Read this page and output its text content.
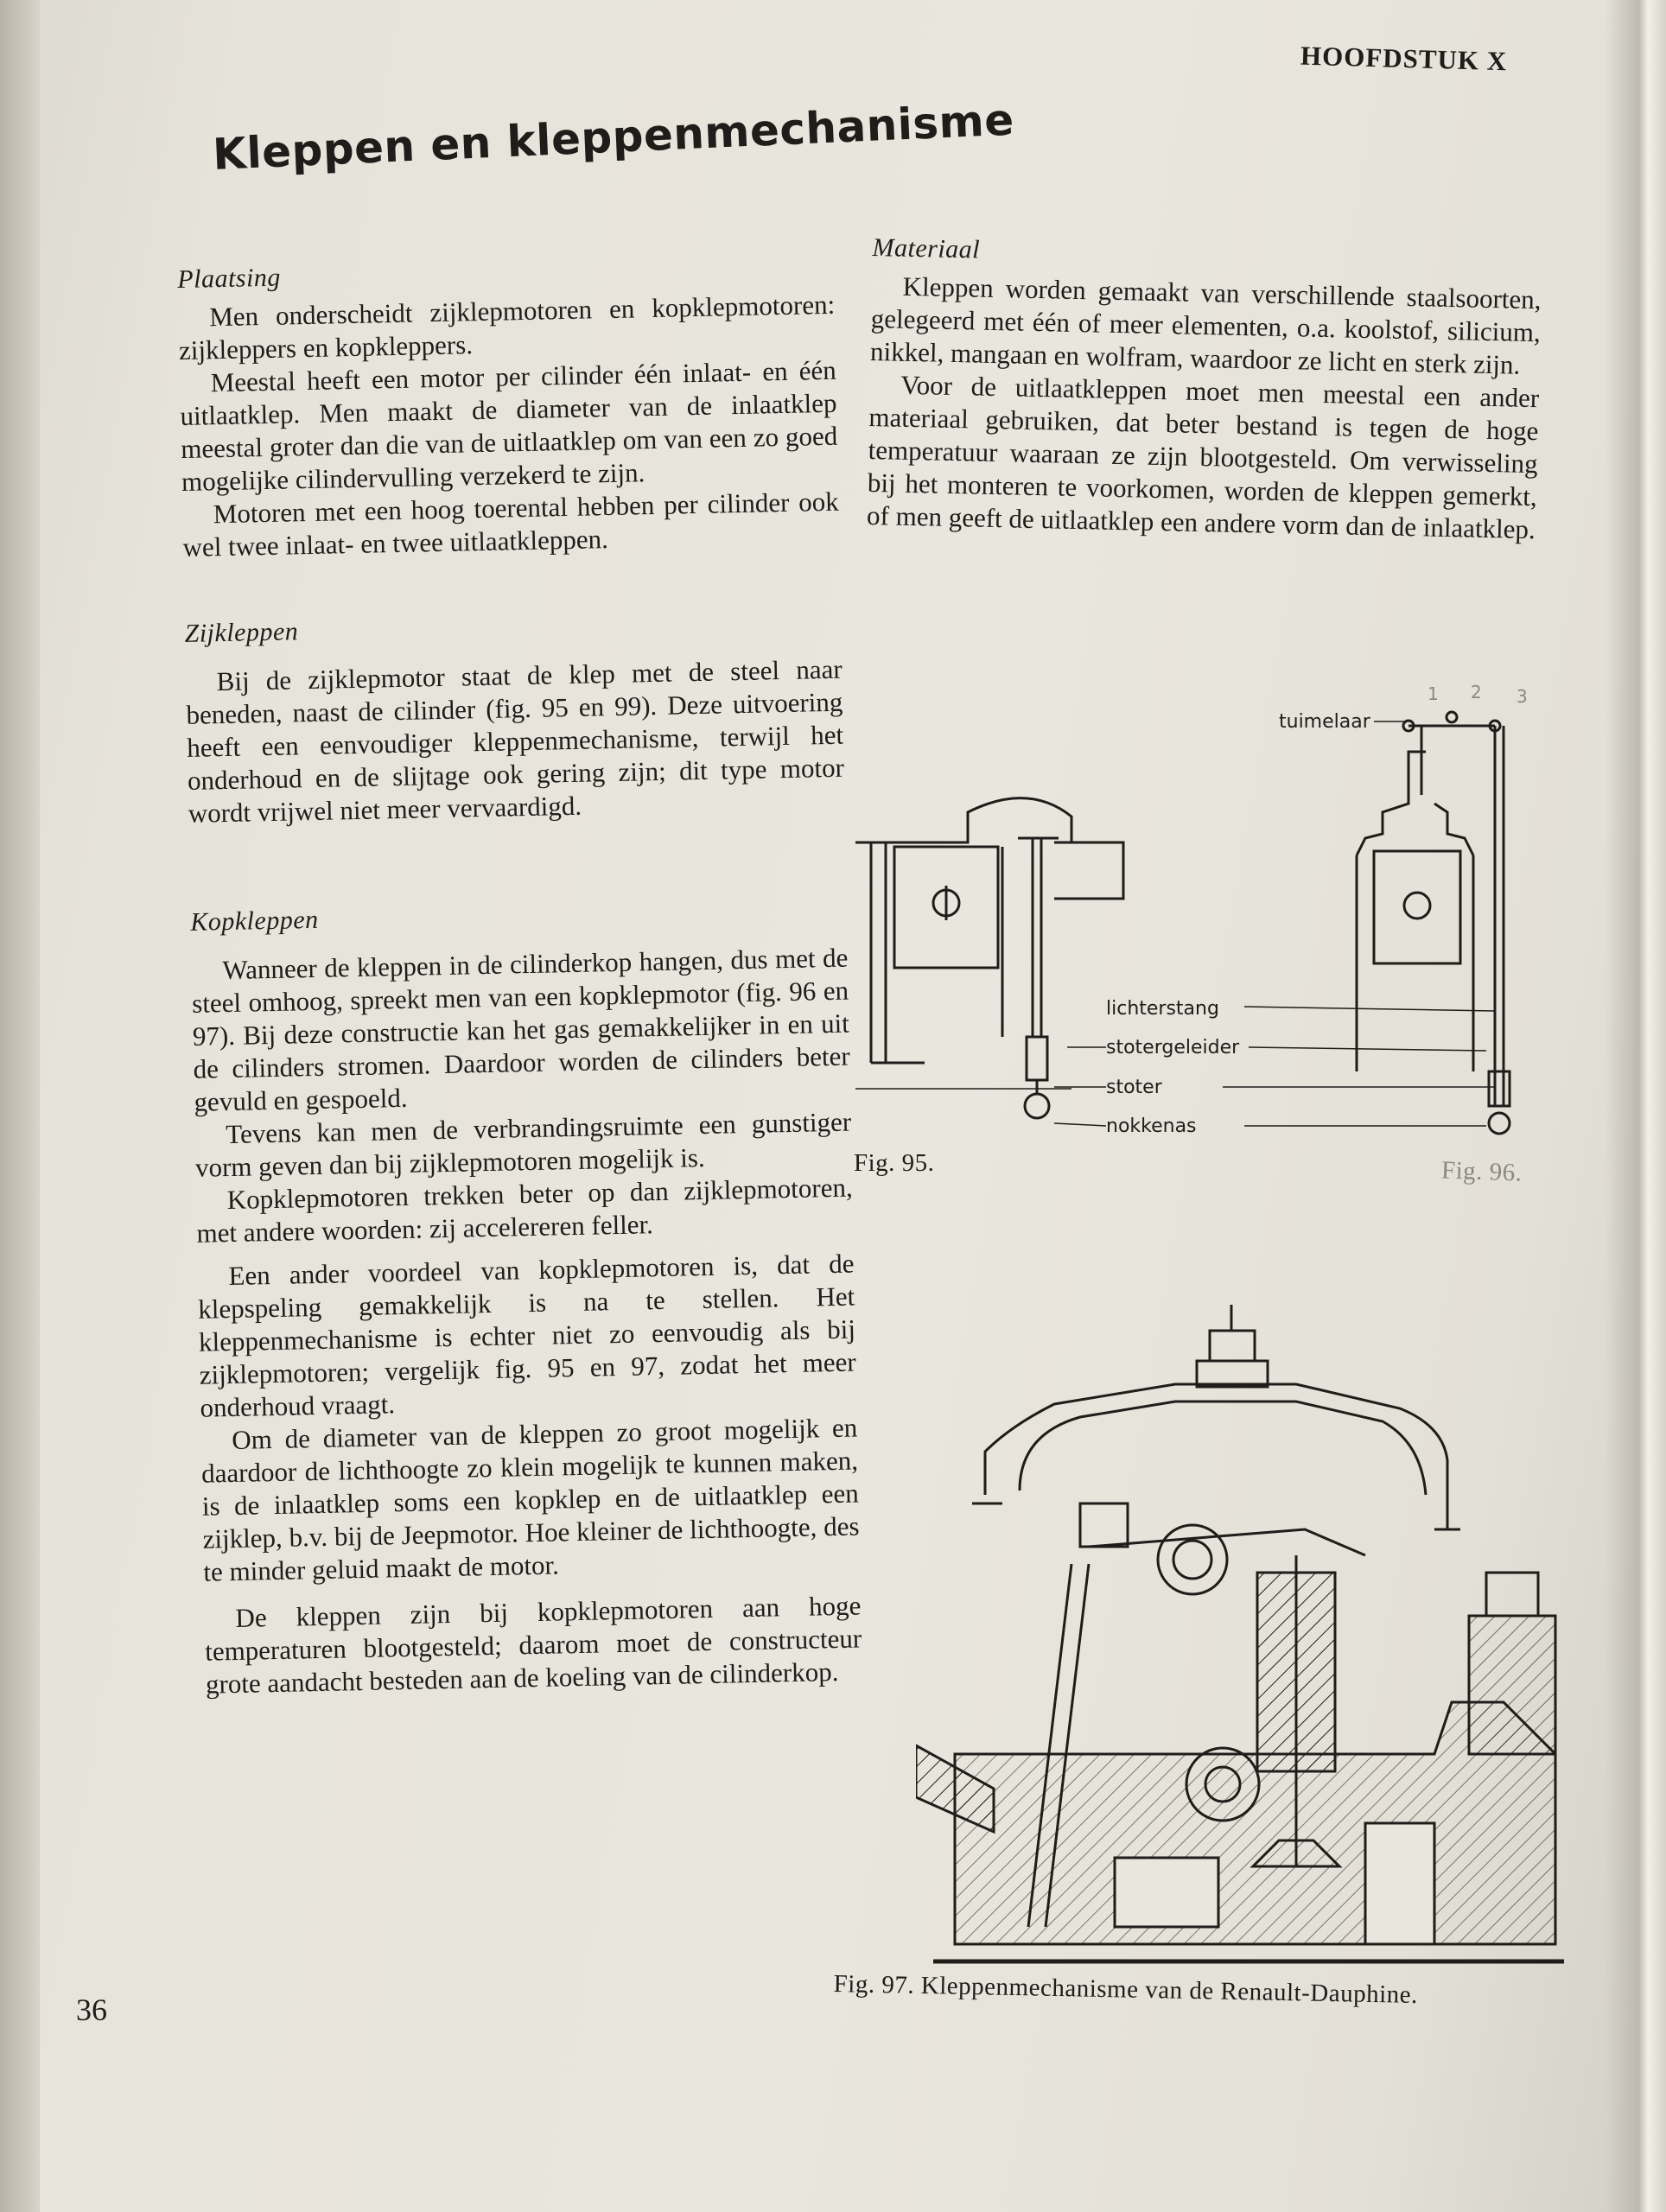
HOOFDSTUK X
Kleppen en kleppenmechanisme
Plaatsing

Men onderscheidt zijklepmotoren en kopklepmotoren: zijkleppers en kopkleppers.

Meestal heeft een motor per cilinder één inlaat- en één uitlaatklep. Men maakt de diameter van de inlaatklep meestal groter dan die van de uitlaatklep om van een zo goed mogelijke cilindervulling verzekerd te zijn.

Motoren met een hoog toerental hebben per cilinder ook wel twee inlaat- en twee uitlaatkleppen.

Zijkleppen

Bij de zijklepmotor staat de klep met de steel naar beneden, naast de cilinder (fig. 95 en 99). Deze uitvoering heeft een eenvoudiger kleppenmechanisme, terwijl het onderhoud en de slijtage ook gering zijn; dit type motor wordt vrijwel niet meer vervaardigd.

Kopkleppen

Wanneer de kleppen in de cilinderkop hangen, dus met de steel omhoog, spreekt men van een kopklepmotor (fig. 96 en 97). Bij deze constructie kan het gas gemakkelijker in en uit de cilinders stromen. Daardoor worden de cilinders beter gevuld en gespoeld.

Tevens kan men de verbrandingsruimte een gunstiger vorm geven dan bij zijklepmotoren mogelijk is.

Kopklepmotoren trekken beter op dan zijklepmotoren, met andere woorden: zij accelereren feller.

Een ander voordeel van kopklepmotoren is, dat de klepspeling gemakkelijk is na te stellen. Het kleppenmechanisme is echter niet zo eenvoudig als bij zijklepmotoren; vergelijk fig. 95 en 97, zodat het meer onderhoud vraagt.

Om de diameter van de kleppen zo groot mogelijk en daardoor de lichthoogte zo klein mogelijk te kunnen maken, is de inlaatklep soms een kopklep en de uitlaatklep een zijklep, b.v. bij de Jeepmotor. Hoe kleiner de lichthoogte, des te minder geluid maakt de motor.

De kleppen zijn bij kopklepmotoren aan hoge temperaturen blootgesteld; daarom moet de constructeur grote aandacht besteden aan de koeling van de cilinderkop.

Materiaal

Kleppen worden gemaakt van verschillende staalsoorten, gelegeerd met één of meer elementen, o.a. koolstof, silicium, nikkel, mangaan en wolfram, waardoor ze licht en sterk zijn.

Voor de uitlaatkleppen moet men meestal een ander materiaal gebruiken, dat beter bestand is tegen de hoge temperatuur waaraan ze zijn blootgesteld. Om verwisseling bij het monteren te voorkomen, worden de kleppen gemerkt, of men geeft de uitlaatklep een andere vorm dan de inlaatklep.

tuimelaar
lichterstang
stotergeleider
stoter
nokkenas
1 2 3
Fig. 95.	Fig. 96.
Fig. 97. Kleppenmechanisme van de Renault-Dauphine.
36
